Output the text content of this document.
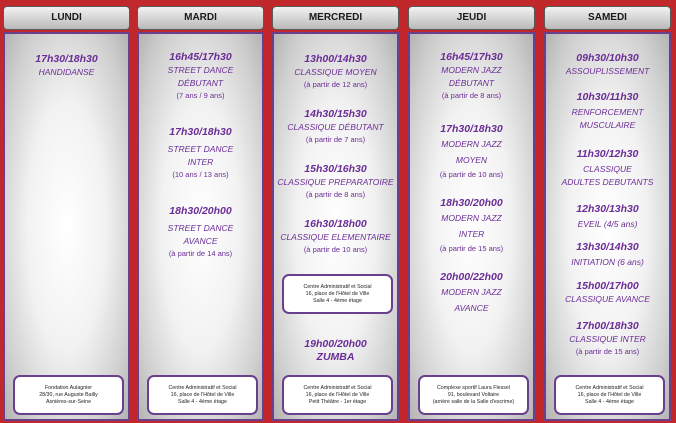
LUNDI
17h30/18h30
HANDIDANSE
Fondation Aulagnier
28/30, rue Auguste Bailly
Asnières-sur-Seine
MARDI
16h45/17h30
STREET DANCE
DÉBUTANT
(7 ans / 9 ans)
17h30/18h30
STREET DANCE
INTER
(10 ans / 13 ans)
18h30/20h00
STREET DANCE
AVANCE
(à partir de 14 ans)
Centre Administratif et Social
16, place de l'Hôtel de Ville
Salle 4 - 4ème étage
MERCREDI
13h00/14h30
CLASSIQUE MOYEN
(à partir de 12 ans)
14h30/15h30
CLASSIQUE DÉBUTANT
(à partir de 7 ans)
15h30/16h30
CLASSIQUE PREPARATOIRE
(à partir de 8 ans)
16h30/18h00
CLASSIQUE ELEMENTAIRE
(à partir de 10 ans)
Centre Administratif et Social
16, place de l'Hôtel de Ville
Salle 4 - 4ème étage
19h00/20h00
ZUMBA
Centre Administratif et Social
16, place de l'Hôtel de Ville
Petit Théâtre - 1er étage
JEUDI
16h45/17h30
MODERN JAZZ
DÉBUTANT
(à partir de 8 ans)
17h30/18h30
MODERN JAZZ
MOYEN
(à partir de 10 ans)
18h30/20h00
MODERN JAZZ
INTER
(à partir de 15 ans)
20h00/22h00
MODERN JAZZ
AVANCE
Complexe sportif Laura Flessel
91, boulevard Voltaire
(arrière salle de la Salle d'escrime)
SAMEDI
09h30/10h30
ASSOUPLISSEMENT
10h30/11h30
RENFORCEMENT
MUSCULAIRE
11h30/12h30
CLASSIQUE
ADULTES DEBUTANTS
12h30/13h30
EVEIL (4/5 ans)
13h30/14h30
INITIATION (6 ans)
15h00/17h00
CLASSIQUE AVANCE
17h00/18h30
CLASSIQUE INTER
(à partir de 15 ans)
Centre Administratif et Social
16, place de l'Hôtel de Ville
Salle 4 - 4ème étage
